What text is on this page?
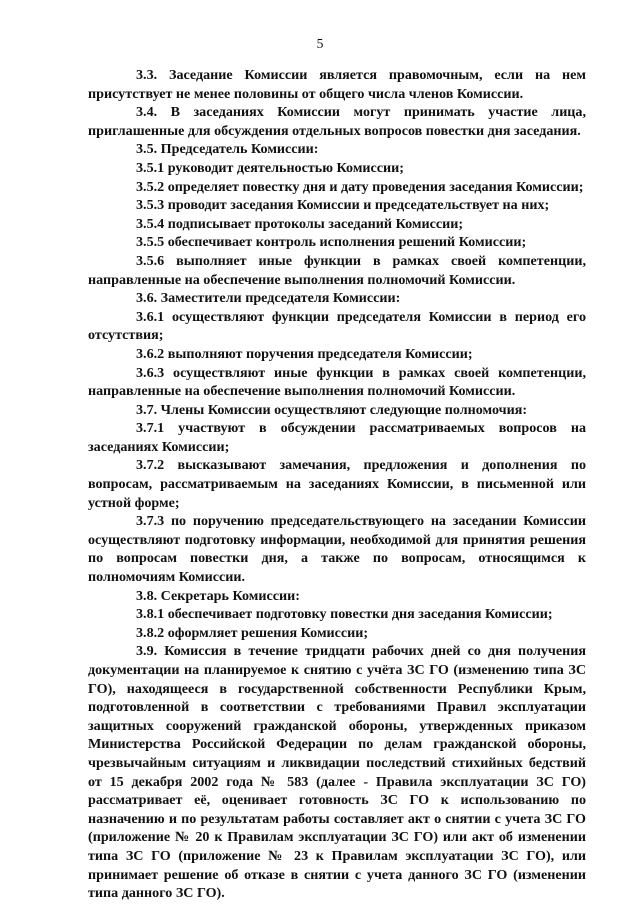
5

3.3. Заседание Комиссии является правомочным, если на нем присутствует не менее половины от общего числа членов Комиссии.

3.4. В заседаниях Комиссии могут принимать участие лица, приглашенные для обсуждения отдельных вопросов повестки дня заседания.

3.5. Председатель Комиссии:

3.5.1 руководит деятельностью Комиссии;

3.5.2 определяет повестку дня и дату проведения заседания Комиссии;

3.5.3 проводит заседания Комиссии и председательствует на них;

3.5.4 подписывает протоколы заседаний Комиссии;

3.5.5 обеспечивает контроль исполнения решений Комиссии;

3.5.6 выполняет иные функции в рамках своей компетенции, направленные на обеспечение выполнения полномочий Комиссии.

3.6. Заместители председателя Комиссии:

3.6.1 осуществляют функции председателя Комиссии в период его отсутствия;

3.6.2 выполняют поручения председателя Комиссии;

3.6.3 осуществляют иные функции в рамках своей компетенции, направленные на обеспечение выполнения полномочий Комиссии.

3.7. Члены Комиссии осуществляют следующие полномочия:

3.7.1 участвуют в обсуждении рассматриваемых вопросов на заседаниях Комиссии;

3.7.2 высказывают замечания, предложения и дополнения по вопросам, рассматриваемым на заседаниях Комиссии, в письменной или устной форме;

3.7.3 по поручению председательствующего на заседании Комиссии осуществляют подготовку информации, необходимой для принятия решения по вопросам повестки дня, а также по вопросам, относящимся к полномочиям Комиссии.

3.8. Секретарь Комиссии:

3.8.1 обеспечивает подготовку повестки дня заседания Комиссии;

3.8.2 оформляет решения Комиссии;

3.9. Комиссия в течение тридцати рабочих дней со дня получения документации на планируемое к снятию с учёта ЗС ГО (изменению типа ЗС ГО), находящееся в государственной собственности Республики Крым, подготовленной в соответствии с требованиями Правил эксплуатации защитных сооружений гражданской обороны, утвержденных приказом Министерства Российской Федерации по делам гражданской обороны, чрезвычайным ситуациям и ликвидации последствий стихийных бедствий от 15 декабря 2002 года № 583 (далее - Правила эксплуатации ЗС ГО) рассматривает её, оценивает готовность ЗС ГО к использованию по назначению и по результатам работы составляет акт о снятии с учета ЗС ГО (приложение № 20 к Правилам эксплуатации ЗС ГО) или акт об изменении типа ЗС ГО (приложение № 23 к Правилам эксплуатации ЗС ГО), или принимает решение об отказе в снятии с учета данного ЗС ГО (изменении типа данного ЗС ГО).
